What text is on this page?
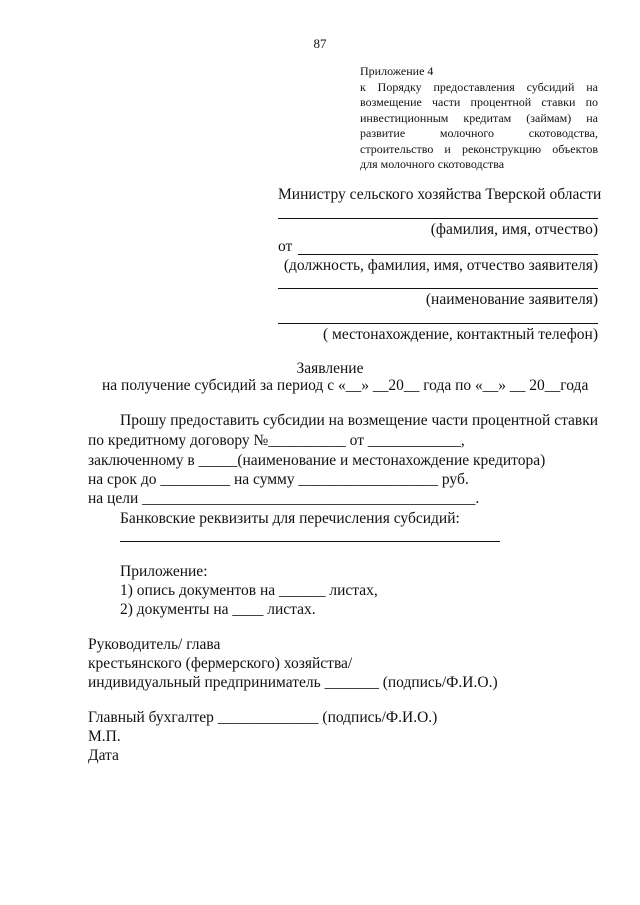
87
Приложение 4
к Порядку предоставления субсидий на
возмещение части процентной ставки по
инвестиционным кредитам (займам) на
развитие молочного скотоводства,
строительство и реконструкцию объектов
для молочного скотоводства
Министру сельского хозяйства Тверской области
(фамилия, имя, отчество)
от
(должность, фамилия, имя, отчество заявителя)
(наименование заявителя)
( местонахождение, контактный телефон)
Заявление
на получение субсидий за период с «__» __20__ года по «__» __ 20__года
Прошу предоставить субсидии на возмещение части процентной ставки
по кредитному договору №__________ от ____________,
заключенному в _____(наименование и местонахождение кредитора)
на срок до _________ на сумму __________________ руб.
на цели ___________________________________________.
Банковские реквизиты для перечисления субсидий:
Приложение:
1) опись документов на ______ листах,
2) документы на ____ листах.
Руководитель/ глава
крестьянского (фермерского) хозяйства/
индивидуальный предприниматель _______ (подпись/Ф.И.О.)
Главный бухгалтер _____________ (подпись/Ф.И.О.)
М.П.
Дата
